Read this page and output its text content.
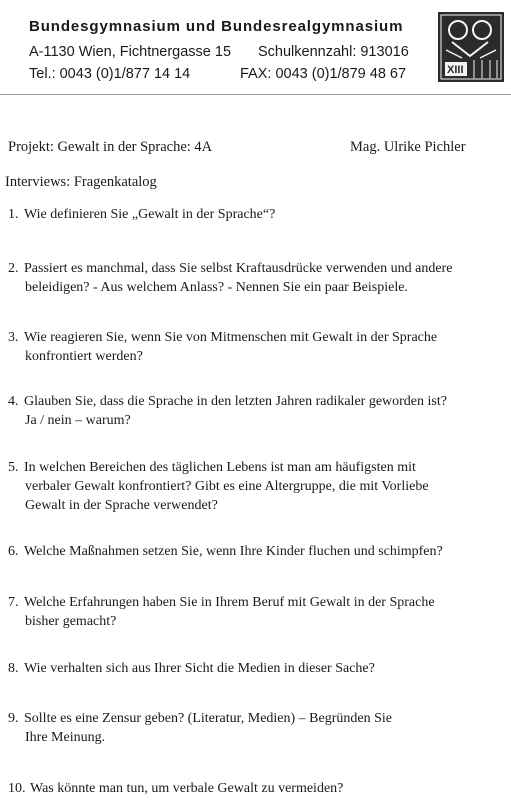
Bundesgymnasium und Bundesrealgymnasium
A-1130 Wien, Fichtnergasse 15 Schulkennzahl: 913016
Tel.: 0043 (0)1/877 14 14	FAX: 0043 (0)1/879 48 67	XIII
Projekt: Gewalt in der Sprache: 4A	Mag. Ulrike Pichler
Interviews: Fragenkatalog
1. Wie definieren Sie „Gewalt in der Sprache“?
2. Passiert es manchmal, dass Sie selbst Kraftausdrücke verwenden und andere
beleidigen? - Aus welchem Anlass? - Nennen Sie ein paar Beispiele.
3. Wie reagieren Sie, wenn Sie von Mitmenschen mit Gewalt in der Sprache
konfrontiert werden?
4. Glauben Sie, dass die Sprache in den letzten Jahren radikaler geworden ist?
Ja / nein – warum?
5. In welchen Bereichen des täglichen Lebens ist man am häufigsten mit
verbaler Gewalt konfrontiert? Gibt es eine Altergruppe, die mit Vorliebe
Gewalt in der Sprache verwendet?
6. Welche Maßnahmen setzen Sie, wenn Ihre Kinder fluchen und schimpfen?
7. Welche Erfahrungen haben Sie in Ihrem Beruf mit Gewalt in der Sprache
bisher gemacht?
8. Wie verhalten sich aus Ihrer Sicht die Medien in dieser Sache?
9. Sollte es eine Zensur geben? (Literatur, Medien) – Begründen Sie
Ihre Meinung.
10. Was könnte man tun, um verbale Gewalt zu vermeiden?
